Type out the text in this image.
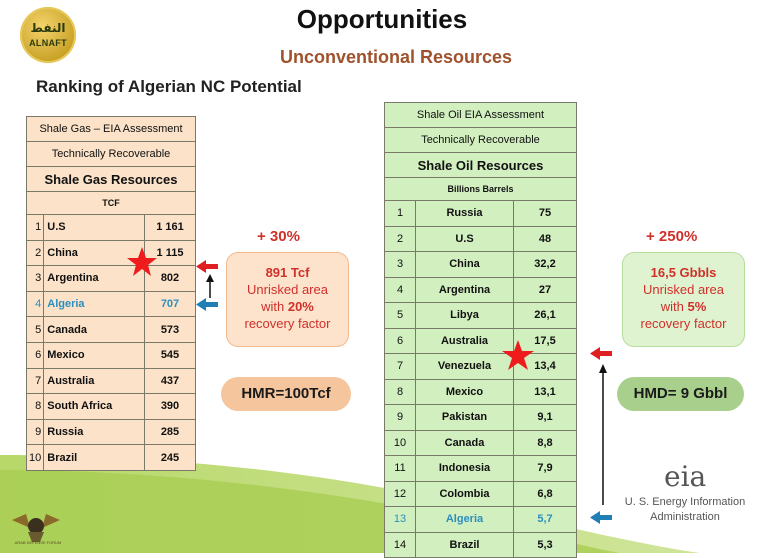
النفط
ALNAFT
Opportunities
Unconventional Resources
Ranking of Algerian NC Potential
Shale Gas – EIA Assessment		
Technically Recoverable		
Shale Gas Resources		
TCF		
1	U.S	1 161
2	China	1 115
3	Argentina	802
4	Algeria	707
5	Canada	573
6	Mexico	545
7	Australia	437
8	South Africa	390
9	Russia	285
10	Brazil	245
Shale Oil EIA Assessment		
Technically Recoverable		
Shale Oil Resources		
Billions Barrels		
1	Russia	75
2	U.S	48
3	China	32,2
4	Argentina	27
5	Libya	26,1
6	Australia	17,5
7	Venezuela	13,4
8	Mexico	13,1
9	Pakistan	9,1
10	Canada	8,8
11	Indonesia	7,9
12	Colombia	6,8
13	Algeria	5,7
14	Brazil	5,3
+ 30%
891 Tcf
Unrisked area
with 20%
recovery factor
HMR=100Tcf
+ 250%
16,5 Gbbls
Unrisked area
with 5%
recovery factor
HMD= 9 Gbbl
eia
U. S. Energy Information
Administration
ARAB DEFENSE FORUM
